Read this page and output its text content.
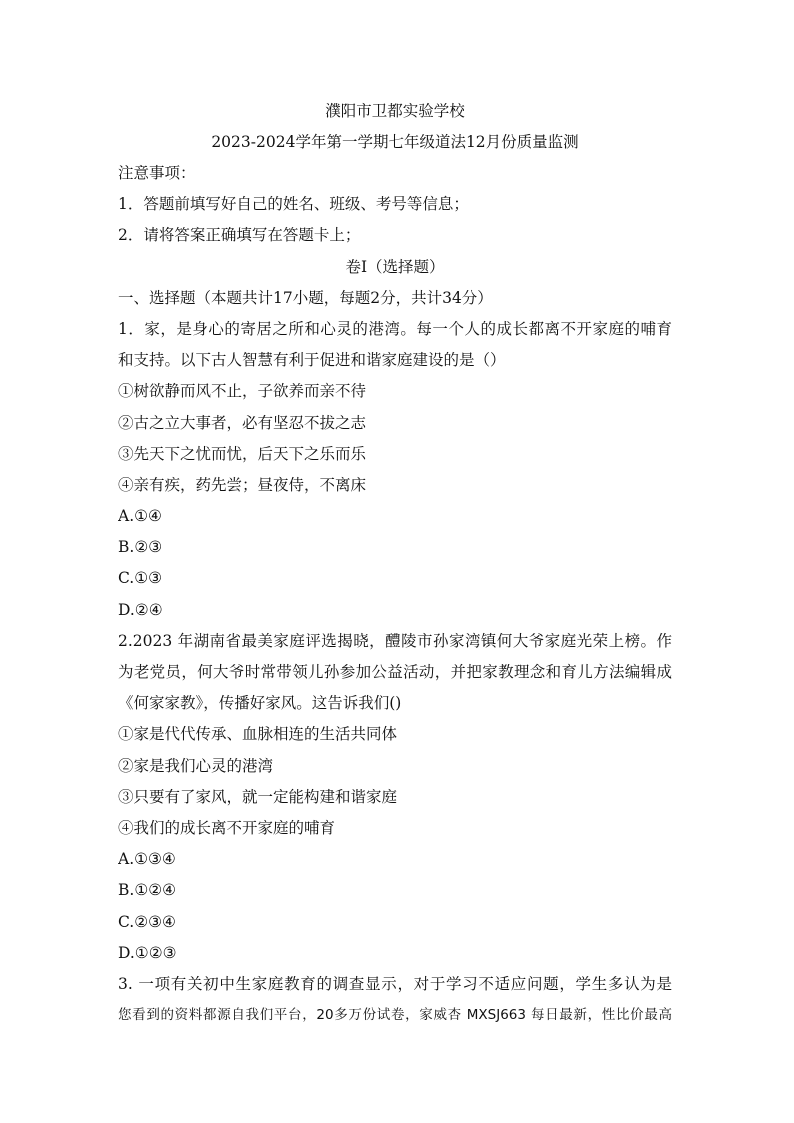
濮阳市卫都实验学校
2023-2024学年第一学期七年级道法12月份质量监测
注意事项：
1．答题前填写好自己的姓名、班级、考号等信息；
2．请将答案正确填写在答题卡上；
卷I（选择题）
一、选择题（本题共计17小题，每题2分，共计34分）
1．家，是身心的寄居之所和心灵的港湾。每一个人的成长都离不开家庭的哺育
和支持。以下古人智慧有利于促进和谐家庭建设的是（）
①树欲静而风不止，子欲养而亲不待
②古之立大事者，必有坚忍不拔之志
③先天下之忧而忧，后天下之乐而乐
④亲有疾，药先尝；昼夜侍，不离床
A.①④
B.②③
C.①③
D.②④
2.2023 年湖南省最美家庭评选揭晓，醴陵市孙家湾镇何大爷家庭光荣上榜。作
为老党员，何大爷时常带领儿孙参加公益活动，并把家教理念和育儿方法编辑成
《何家家教》，传播好家风。这告诉我们()
①家是代代传承、血脉相连的生活共同体
②家是我们心灵的港湾
③只要有了家风，就一定能构建和谐家庭
④我们的成长离不开家庭的哺育
A.①③④
B.①②④
C.②③④
D.①②③
3. 一项有关初中生家庭教育的调查显示，对于学习不适应问题，学生多认为是
您看到的资料都源自我们平台，20多万份试卷，家威杏 MXSJ663 每日最新，性比价最高
